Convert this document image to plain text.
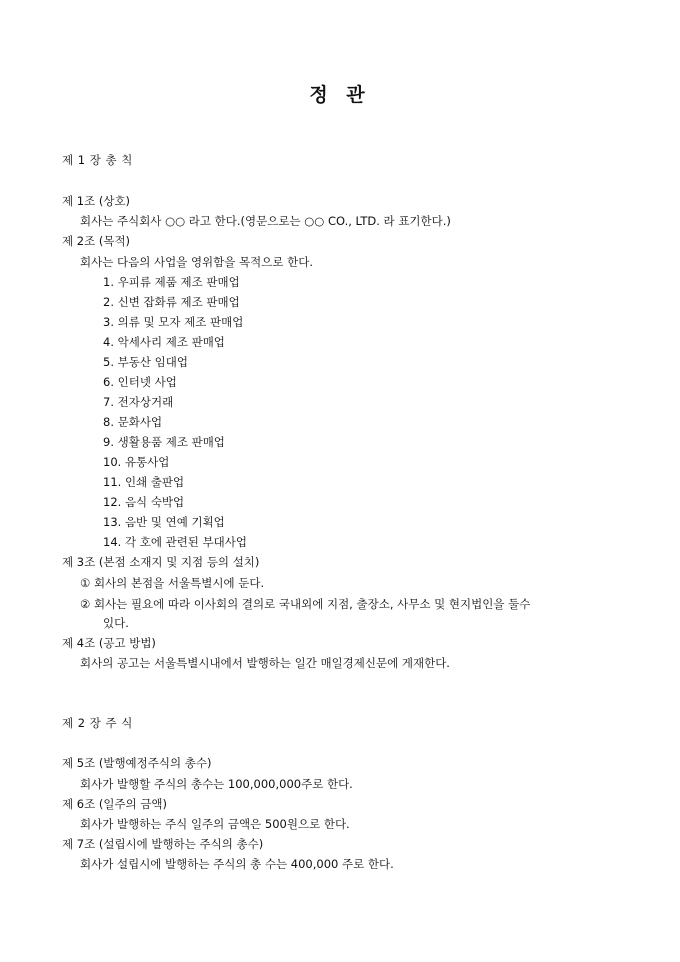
정 관
제 1 장 총 칙
제 1조 (상호)
회사는 주식회사 ○○ 라고 한다.(영문으로는 ○○ CO., LTD. 라 표기한다.)
제 2조 (목적)
회사는 다음의 사업을 영위함을 목적으로 한다.
1. 우피류 제품 제조 판매업
2. 신변 잡화류 제조 판매업
3. 의류 및 모자 제조 판매업
4. 악세사리 제조 판매업
5. 부동산 임대업
6. 인터넷 사업
7. 전자상거래
8. 문화사업
9. 생활용품 제조 판매업
10. 유통사업
11. 인쇄 출판업
12. 음식 숙박업
13. 음반 및 연예 기획업
14. 각 호에 관련된 부대사업
제 3조 (본점 소재지 및 지점 등의 설치)
① 회사의 본점을 서울특별시에 둔다.
② 회사는 필요에 따라 이사회의 결의로 국내외에 지점, 출장소, 사무소 및 현지법인을 둘수
있다.
제 4조 (공고 방법)
회사의 공고는 서울특별시내에서 발행하는 일간 매일경제신문에 게재한다.
제 2 장 주 식
제 5조 (발행예정주식의 총수)
회사가 발행할 주식의 총수는 100,000,000주로 한다.
제 6조 (일주의 금액)
회사가 발행하는 주식 일주의 금액은 500원으로 한다.
제 7조 (설립시에 발행하는 주식의 총수)
회사가 설립시에 발행하는 주식의 총 수는 400,000 주로 한다.
